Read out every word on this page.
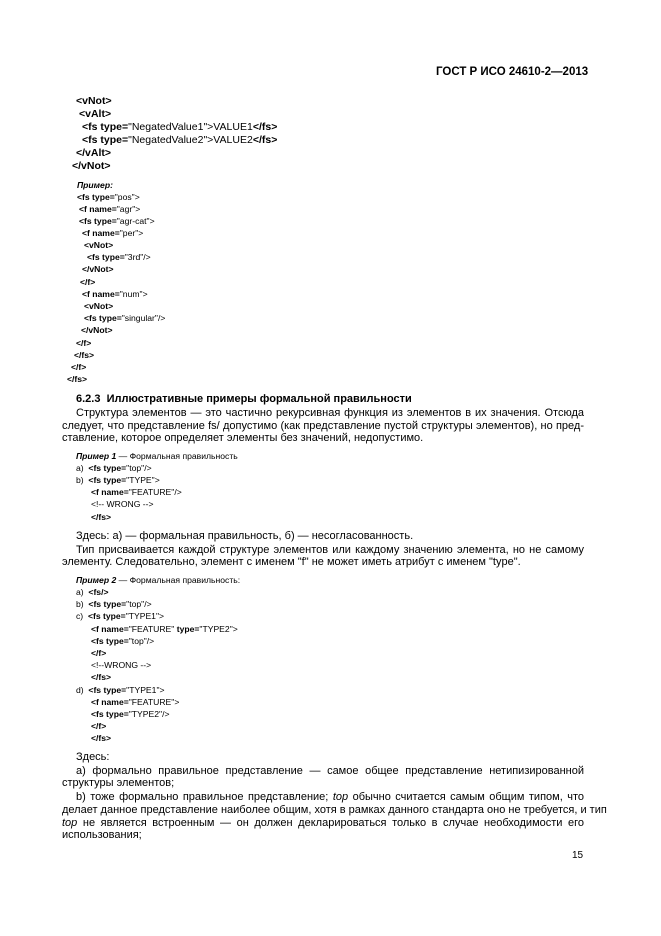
ГОСТ Р ИСО 24610-2—2013
<vNot>
<vAlt>
<fs type="NegatedValue1">VALUE1</fs>
<fs type="NegatedValue2">VALUE2</fs>
</vAlt>
</vNot>
Пример:
<fs type="pos">
<f name="agr">
<fs type="agr-cat">
<f name="per">
<vNot>
<fs type="3rd"/>
</vNot>
</f>
<f name="num">
<vNot>
<fs type="singular"/>
</vNot>
</f>
</fs>
</f>
</fs>
6.2.3 Иллюстративные примеры формальной правильности
Структура элементов — это частично рекурсивная функция из элементов в их значения. Отсюда
следует, что представление fs/ допустимо (как представление пустой структуры элементов), но пред-
ставление, которое определяет элементы без значений, недопустимо.
Пример 1 — Формальная правильность
а)  <fs type="top"/>
b)  <fs type="TYPE">
<f name="FEATURE"/>
<!-- WRONG -->
</fs>
Здесь: а) — формальная правильность, б) — несогласованность.
Тип присваивается каждой структуре элементов или каждому значению элемента, но не самому
элементу. Следовательно, элемент с именем "f" не может иметь атрибут с именем "type".
Пример 2 — Формальная правильность:
а)  <fs/>
b)  <fs type="top"/>
c)  <fs type="TYPE1">
<f name="FEATURE" type="TYPE2">
<fs type="top"/>
</f>
<!--WRONG -->
</fs>
d)  <fs type="TYPE1">
<f name="FEATURE">
<fs type="TYPE2"/>
</f>
</fs>
Здесь:
а) формально правильное представление — самое общее представление нетипизированной
структуры элементов;
b) тоже формально правильное представление; top обычно считается самым общим типом, что
делает данное представление наиболее общим, хотя в рамках данного стандарта оно не требуется, и тип
top не является встроенным — он должен декларироваться только в случае необходимости его
использования;
15
